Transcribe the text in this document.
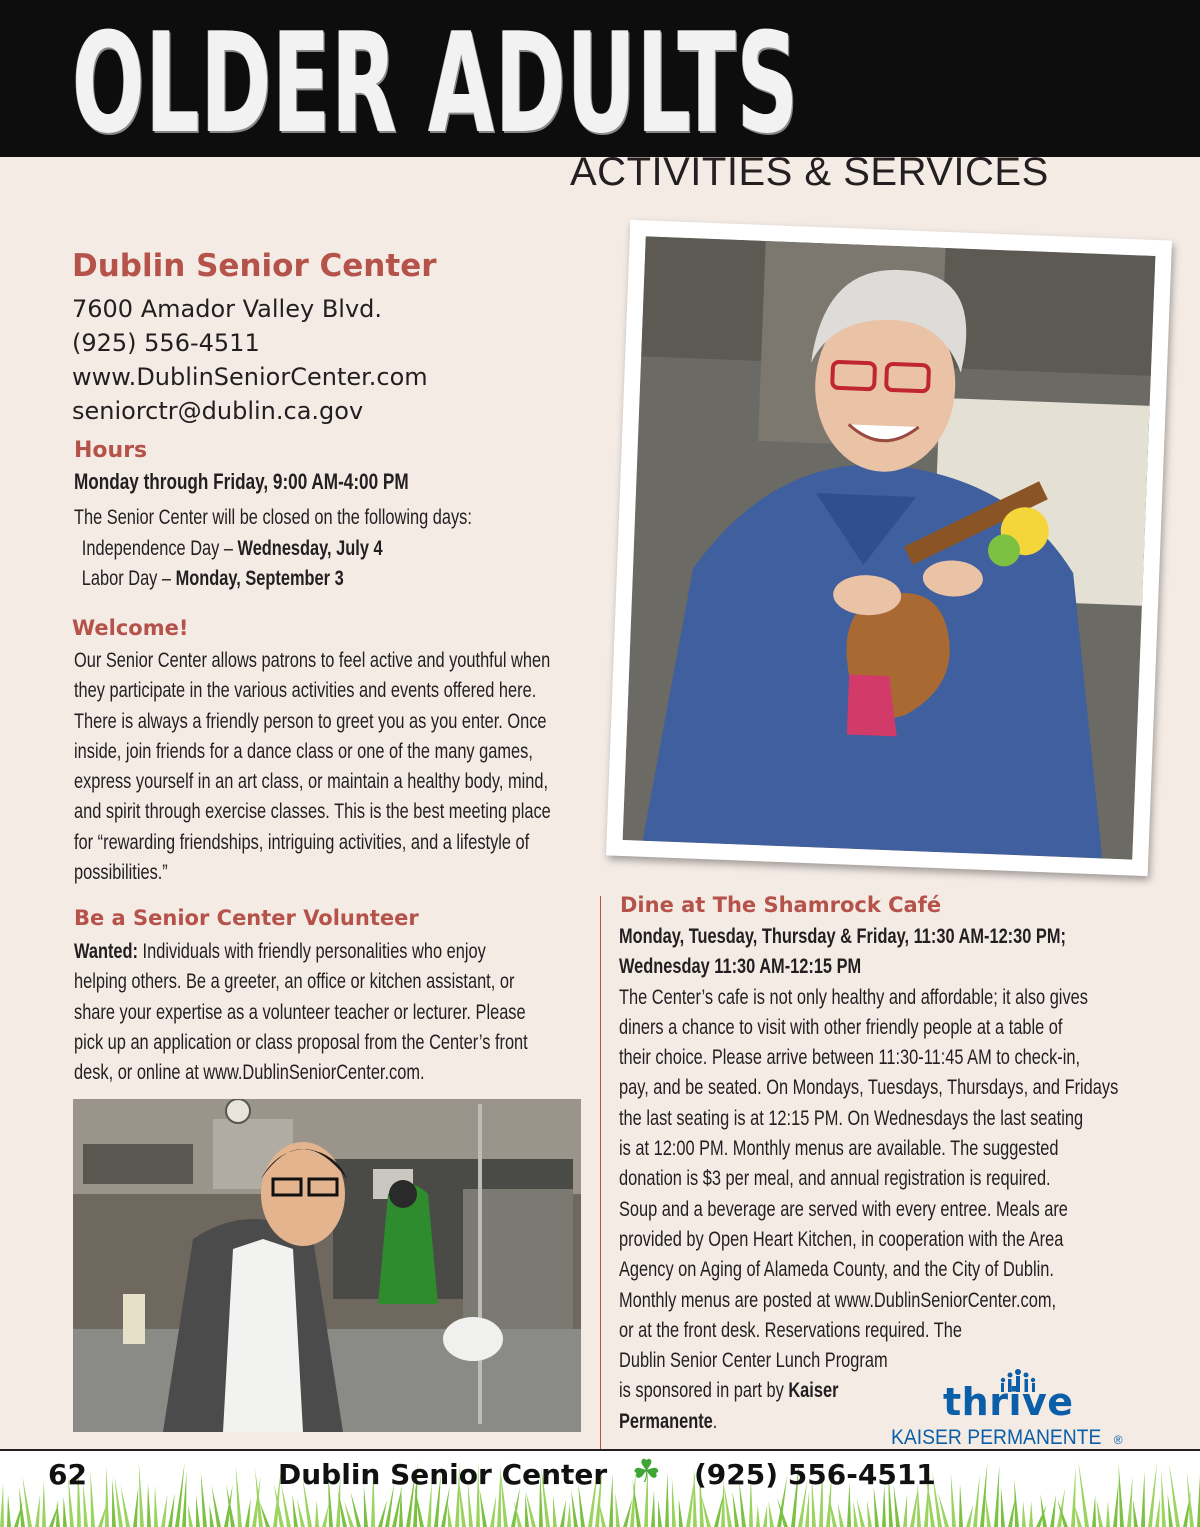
OLDER ADULTS
ACTIVITIES & SERVICES
Dublin Senior Center
7600 Amador Valley Blvd.
(925) 556-4511
www.DublinSeniorCenter.com
seniorctr@dublin.ca.gov
Hours
Monday through Friday, 9:00 AM-4:00 PM
The Senior Center will be closed on the following days:
Independence Day – Wednesday, July 4
Labor Day – Monday, September 3
Welcome!
Our Senior Center allows patrons to feel active and youthful when
they participate in the various activities and events offered here.
There is always a friendly person to greet you as you enter. Once
inside, join friends for a dance class or one of the many games,
express yourself in an art class, or maintain a healthy body, mind,
and spirit through exercise classes. This is the best meeting place
for “rewarding friendships, intriguing activities, and a lifestyle of
possibilities.”
Be a Senior Center Volunteer
Wanted: Individuals with friendly personalities who enjoy
helping others. Be a greeter, an office or kitchen assistant, or
share your expertise as a volunteer teacher or lecturer. Please
pick up an application or class proposal from the Center’s front
desk, or online at www.DublinSeniorCenter.com.
Dine at The Shamrock Café
Monday, Tuesday, Thursday & Friday, 11:30 AM-12:30 PM;
Wednesday 11:30 AM-12:15 PM
The Center’s cafe is not only healthy and affordable; it also gives
diners a chance to visit with other friendly people at a table of
their choice. Please arrive between 11:30-11:45 AM to check-in,
pay, and be seated. On Mondays, Tuesdays, Thursdays, and Fridays
the last seating is at 12:15 PM. On Wednesdays the last seating
is at 12:00 PM. Monthly menus are available. The suggested
donation is $3 per meal, and annual registration is required.
Soup and a beverage are served with every entree. Meals are
provided by Open Heart Kitchen, in cooperation with the Area
Agency on Aging of Alameda County, and the City of Dublin.
Monthly menus are posted at www.DublinSeniorCenter.com,
or at the front desk. Reservations required. The
Dublin Senior Center Lunch Program
is sponsored in part by Kaiser
Permanente.	thrive
KAISER PERMANENTE ®
62	Dublin Senior Center ☘ (925) 556-4511
